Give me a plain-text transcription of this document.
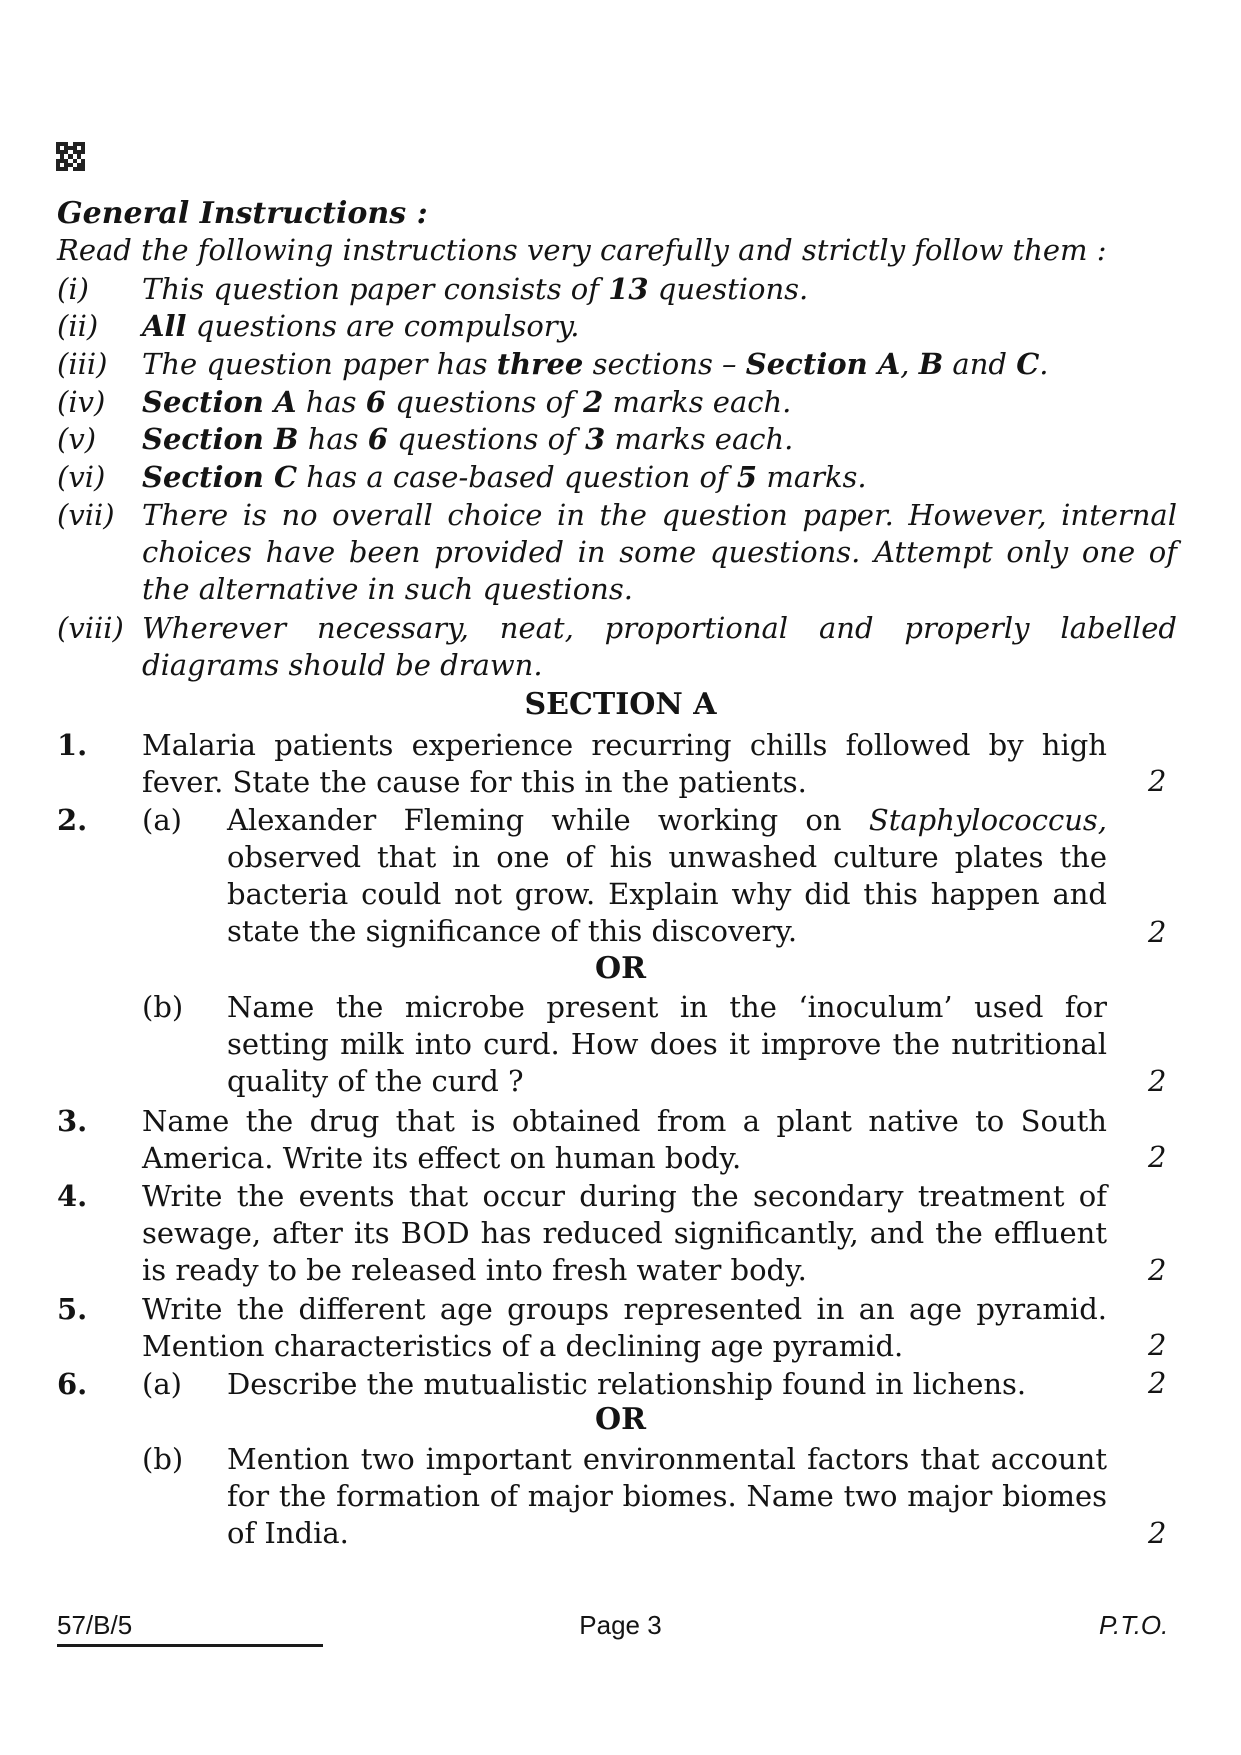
General Instructions :
Read the following instructions very carefully and strictly follow them :
(i) This question paper consists of 13 questions.
(ii) All questions are compulsory.
(iii) The question paper has three sections – Section A, B and C.
(iv) Section A has 6 questions of 2 marks each.
(v) Section B has 6 questions of 3 marks each.
(vi) Section C has a case-based question of 5 marks.
(vii) There is no overall choice in the question paper. However, internal choices have been provided in some questions. Attempt only one of the alternative in such questions.
(viii) Wherever necessary, neat, proportional and properly labelled diagrams should be drawn.
SECTION A
1. Malaria patients experience recurring chills followed by high fever. State the cause for this in the patients.	2
2. (a) Alexander Fleming while working on Staphylococcus, observed that in one of his unwashed culture plates the bacteria could not grow. Explain why did this happen and state the significance of this discovery.	2
OR
(b) Name the microbe present in the ‘inoculum’ used for setting milk into curd. How does it improve the nutritional quality of the curd ?	2
3. Name the drug that is obtained from a plant native to South America. Write its effect on human body.	2
4. Write the events that occur during the secondary treatment of sewage, after its BOD has reduced significantly, and the effluent is ready to be released into fresh water body.	2
5. Write the different age groups represented in an age pyramid. Mention characteristics of a declining age pyramid.	2
6. (a) Describe the mutualistic relationship found in lichens.	2
OR
(b) Mention two important environmental factors that account for the formation of major biomes. Name two major biomes of India.	2
57/B/5	Page 3	P.T.O.
